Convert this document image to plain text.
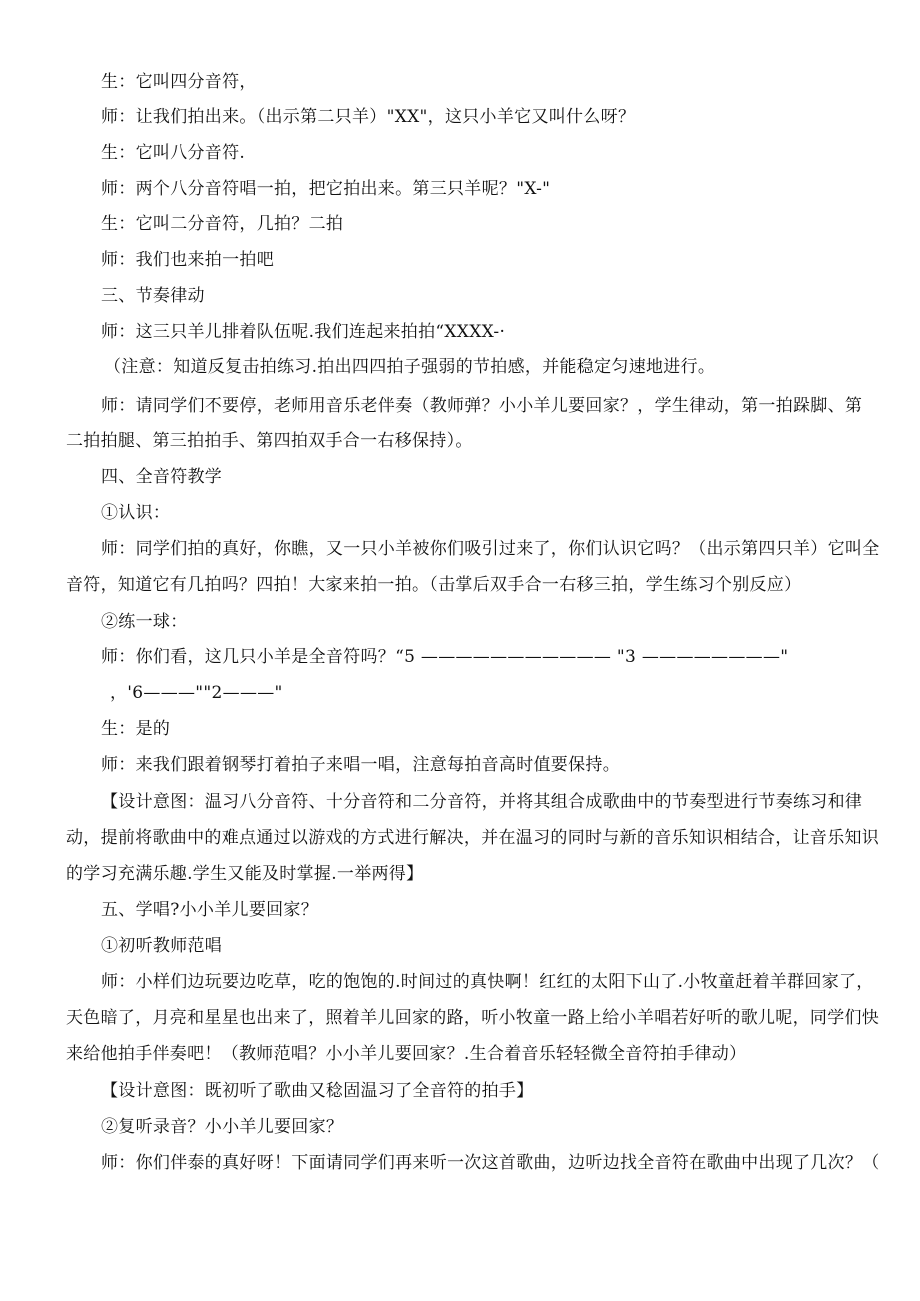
生：它叫四分音符，
师：让我们拍出来。（出示第二只羊）"XX"，这只小羊它又叫什么呀？
生：它叫八分音符.
师：两个八分音符唱一拍，把它拍出来。第三只羊呢？"X-"
生：它叫二分音符，几拍？二拍
师：我们也来拍一拍吧
三、节奏律动
师：这三只羊儿排着队伍呢.我们连起来拍拍“XXXX-·
（注意：知道反复击拍练习.拍出四四拍子强弱的节拍感，并能稳定匀速地进行。
师：请同学们不要停，老师用音乐老伴奏（教师弹？小小羊儿要回家？，学生律动，第一拍跺脚、第
二拍拍腿、第三拍拍手、第四拍双手合一右移保持）。
四、全音符教学
①认识：
师：同学们拍的真好，你瞧，又一只小羊被你们吸引过来了，你们认识它吗？（出示第四只羊）它叫全
音符，知道它有几拍吗？四拍！大家来拍一拍。（击掌后双手合一右移三拍，学生练习个别反应）
②练一球：
师：你们看，这几只小羊是全音符吗？“5 ——————————— "3 ————————"
，'6———""2———"
生：是的
师：来我们跟着钢琴打着拍子来唱一唱，注意每拍音高时值要保持。
【设计意图：温习八分音符、十分音符和二分音符，并将其组合成歌曲中的节奏型进行节奏练习和律
动，提前将歌曲中的难点通过以游戏的方式进行解决，并在温习的同时与新的音乐知识相结合，让音乐知识
的学习充满乐趣.学生又能及时掌握.一举两得】
五、学唱?小小羊儿要回家？
①初听教师范唱
师：小样们边玩要边吃草，吃的饱饱的.时间过的真快啊！红红的太阳下山了.小牧童赶着羊群回家了，
天色暗了，月亮和星星也出来了，照着羊儿回家的路，听小牧童一路上给小羊唱若好听的歌儿呢，同学们快
来给他拍手伴奏吧！（教师范唱？小小羊儿要回家？.生合着音乐轻轻微全音符拍手律动）
【设计意图：既初听了歌曲又稔固温习了全音符的拍手】
②复听录音？小小羊儿要回家？
师：你们伴泰的真好呀！下面请同学们再来听一次这首歌曲，边听边找全音符在歌曲中出现了几次？（
